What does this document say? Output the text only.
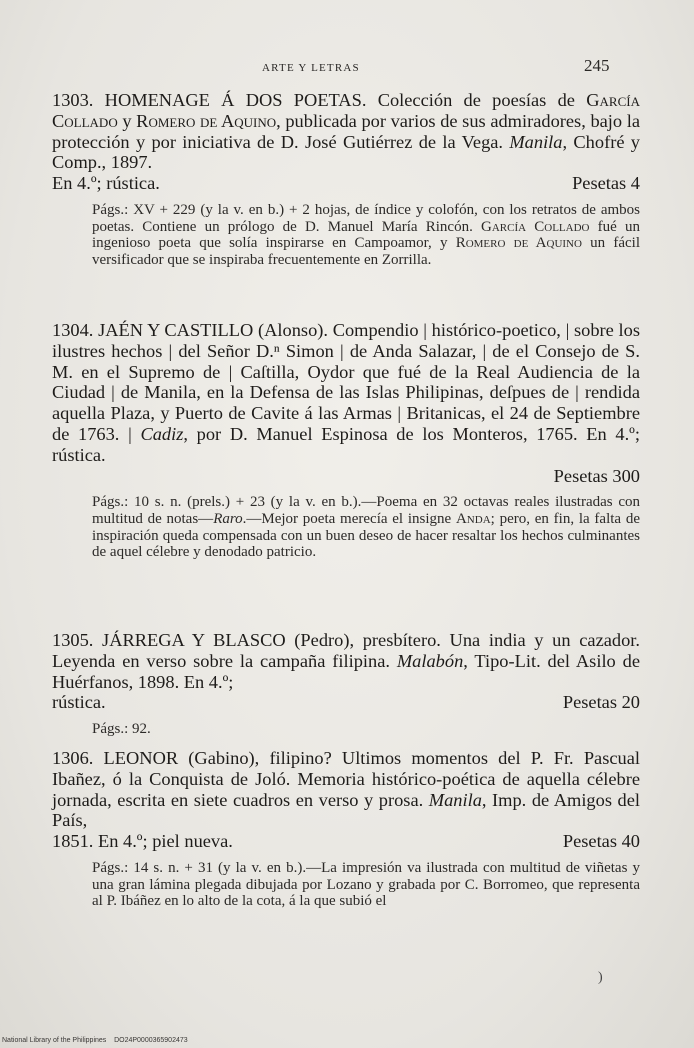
ARTE Y LETRAS	245

1303. HOMENAGE Á DOS POETAS. Colección de poesías de García Collado y Romero de Aquino, publicada por varios de sus admiradores, bajo la protección y por iniciativa de D. José Gutiérrez de la Vega. Manila, Chofré y Comp., 1897.

En 4.º; rústica.	Pesetas 4

Págs.: XV + 229 (y la v. en b.) + 2 hojas, de índice y colofón, con los retratos de ambos poetas. Contiene un prólogo de D. Manuel María Rincón. García Collado fué un ingenioso poeta que solía inspirarse en Campoamor, y Romero de Aquino un fácil versificador que se inspiraba frecuentemente en Zorrilla.

1304. JAÉN Y CASTILLO (Alonso). Compendio | histórico-poetico, | sobre los ilustres hechos | del Señor D.ⁿ Simon | de Anda Salazar, | de el Consejo de S. M. en el Supremo de | Caſtilla, Oydor que fué de la Real Audiencia de la Ciudad | de Manila, en la Defensa de las Islas Philipinas, deſpues de | rendida aquella Plaza, y Puerto de Cavite á las Armas | Britanicas, el 24 de Septiembre de 1763. | Cadiz, por D. Manuel Espinosa de los Monteros, 1765. En 4.º; rústica.

Pesetas 300

Págs.: 10 s. n. (prels.) + 23 (y la v. en b.).—Poema en 32 octavas reales ilustradas con multitud de notas—Raro.—Mejor poeta merecía el insigne Anda; pero, en fin, la falta de inspiración queda compensada con un buen deseo de hacer resaltar los hechos culminantes de aquel célebre y denodado patricio.

1305. JÁRREGA Y BLASCO (Pedro), presbítero. Una india y un cazador. Leyenda en verso sobre la campaña filipina. Malabón, Tipo-Lit. del Asilo de Huérfanos, 1898. En 4.º;

rústica.	Pesetas 20

Págs.: 92.

1306. LEONOR (Gabino), filipino? Ultimos momentos del P. Fr. Pascual Ibañez, ó la Conquista de Joló. Memoria histórico-poética de aquella célebre jornada, escrita en siete cuadros en verso y prosa. Manila, Imp. de Amigos del País,

1851. En 4.º; piel nueva.	Pesetas 40

Págs.: 14 s. n. + 31 (y la v. en b.).—La impresión va ilustrada con multitud de viñetas y una gran lámina plegada dibujada por Lozano y grabada por C. Borromeo, que representa al P. Ibáñez en lo alto de la cota, á la que subió el

)
National Library of the Philippines DO24P0000365902473
